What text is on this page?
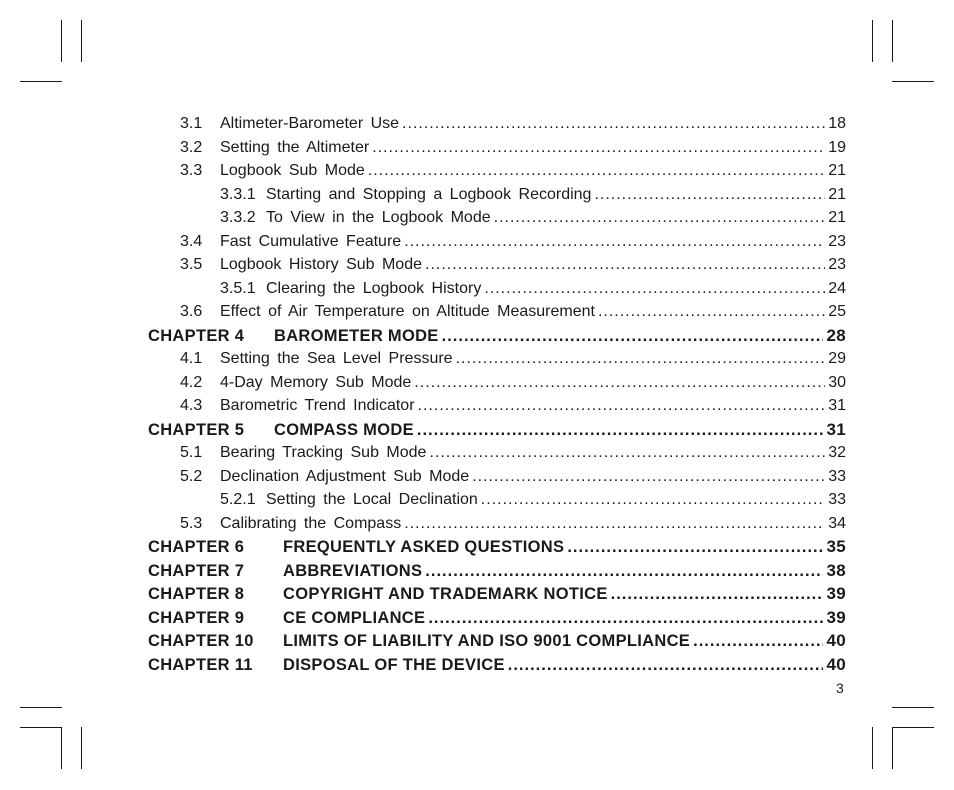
3.1	Altimeter-Barometer Use .....	18
3.2	Setting the Altimeter .....	19
3.3	Logbook Sub Mode .....	21
3.3.1 Starting and Stopping a Logbook Recording .....	21
3.3.2 To View in the Logbook Mode .....	21
3.4	Fast Cumulative Feature .....	23
3.5	Logbook History Sub Mode .....	23
3.5.1 Clearing the Logbook History .....	24
3.6	Effect of Air Temperature on Altitude Measurement .....	25
CHAPTER 4	BAROMETER MODE .....	28
4.1	Setting the Sea Level Pressure .....	29
4.2	4-Day Memory Sub Mode .....	30
4.3	Barometric Trend Indicator .....	31
CHAPTER 5	COMPASS MODE .....	31
5.1	Bearing Tracking Sub Mode .....	32
5.2	Declination Adjustment Sub Mode .....	33
5.2.1 Setting the Local Declination .....	33
5.3	Calibrating the Compass .....	34
CHAPTER 6	FREQUENTLY ASKED QUESTIONS .....	35
CHAPTER 7	ABBREVIATIONS .....	38
CHAPTER 8	COPYRIGHT AND TRADEMARK NOTICE .....	39
CHAPTER 9	CE COMPLIANCE .....	39
CHAPTER 10	LIMITS OF LIABILITY AND ISO 9001 COMPLIANCE .....	40
CHAPTER 11	DISPOSAL OF THE DEVICE .....	40
3
